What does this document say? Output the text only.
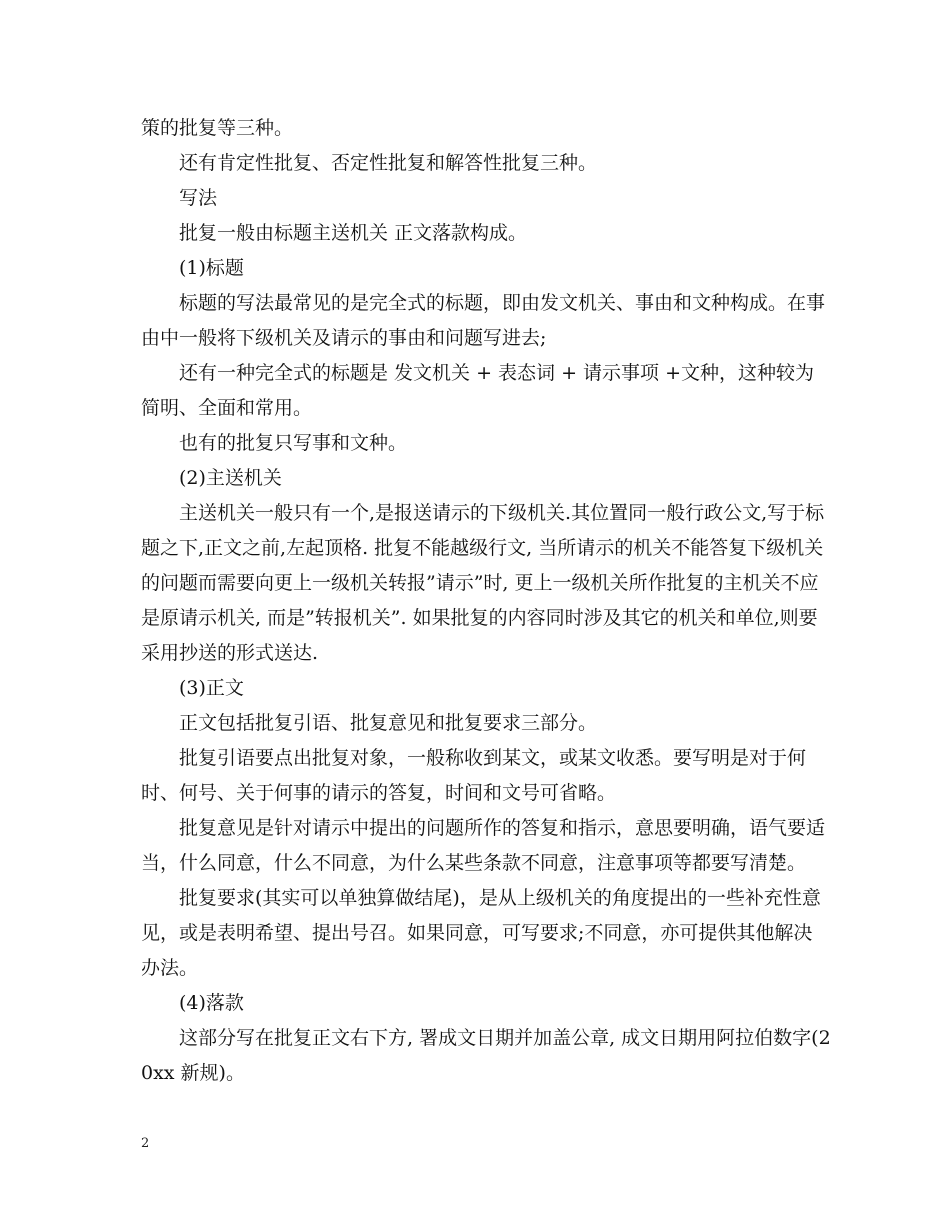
策的批复等三种。

还有肯定性批复、否定性批复和解答性批复三种。

写法

批复一般由标题主送机关 正文落款构成。

(1)标题

标题的写法最常见的是完全式的标题，即由发文机关、事由和文种构成。在事由中一般将下级机关及请示的事由和问题写进去;

还有一种完全式的标题是 发文机关 + 表态词 + 请示事项 +文种，这种较为简明、全面和常用。

也有的批复只写事和文种。

(2)主送机关

主送机关一般只有一个,是报送请示的下级机关.其位置同一般行政公文,写于标题之下,正文之前,左起顶格. 批复不能越级行文, 当所请示的机关不能答复下级机关的问题而需要向更上一级机关转报”请示”时, 更上一级机关所作批复的主机关不应是原请示机关, 而是”转报机关”. 如果批复的内容同时涉及其它的机关和单位,则要采用抄送的形式送达.

(3)正文

正文包括批复引语、批复意见和批复要求三部分。

批复引语要点出批复对象，一般称收到某文，或某文收悉。要写明是对于何时、何号、关于何事的请示的答复，时间和文号可省略。

批复意见是针对请示中提出的问题所作的答复和指示，意思要明确，语气要适当，什么同意，什么不同意，为什么某些条款不同意，注意事项等都要写清楚。

批复要求(其实可以单独算做结尾)，是从上级机关的角度提出的一些补充性意见，或是表明希望、提出号召。如果同意，可写要求;不同意，亦可提供其他解决办法。

(4)落款

这部分写在批复正文右下方, 署成文日期并加盖公章, 成文日期用阿拉伯数字(20xx 新规)。

2
